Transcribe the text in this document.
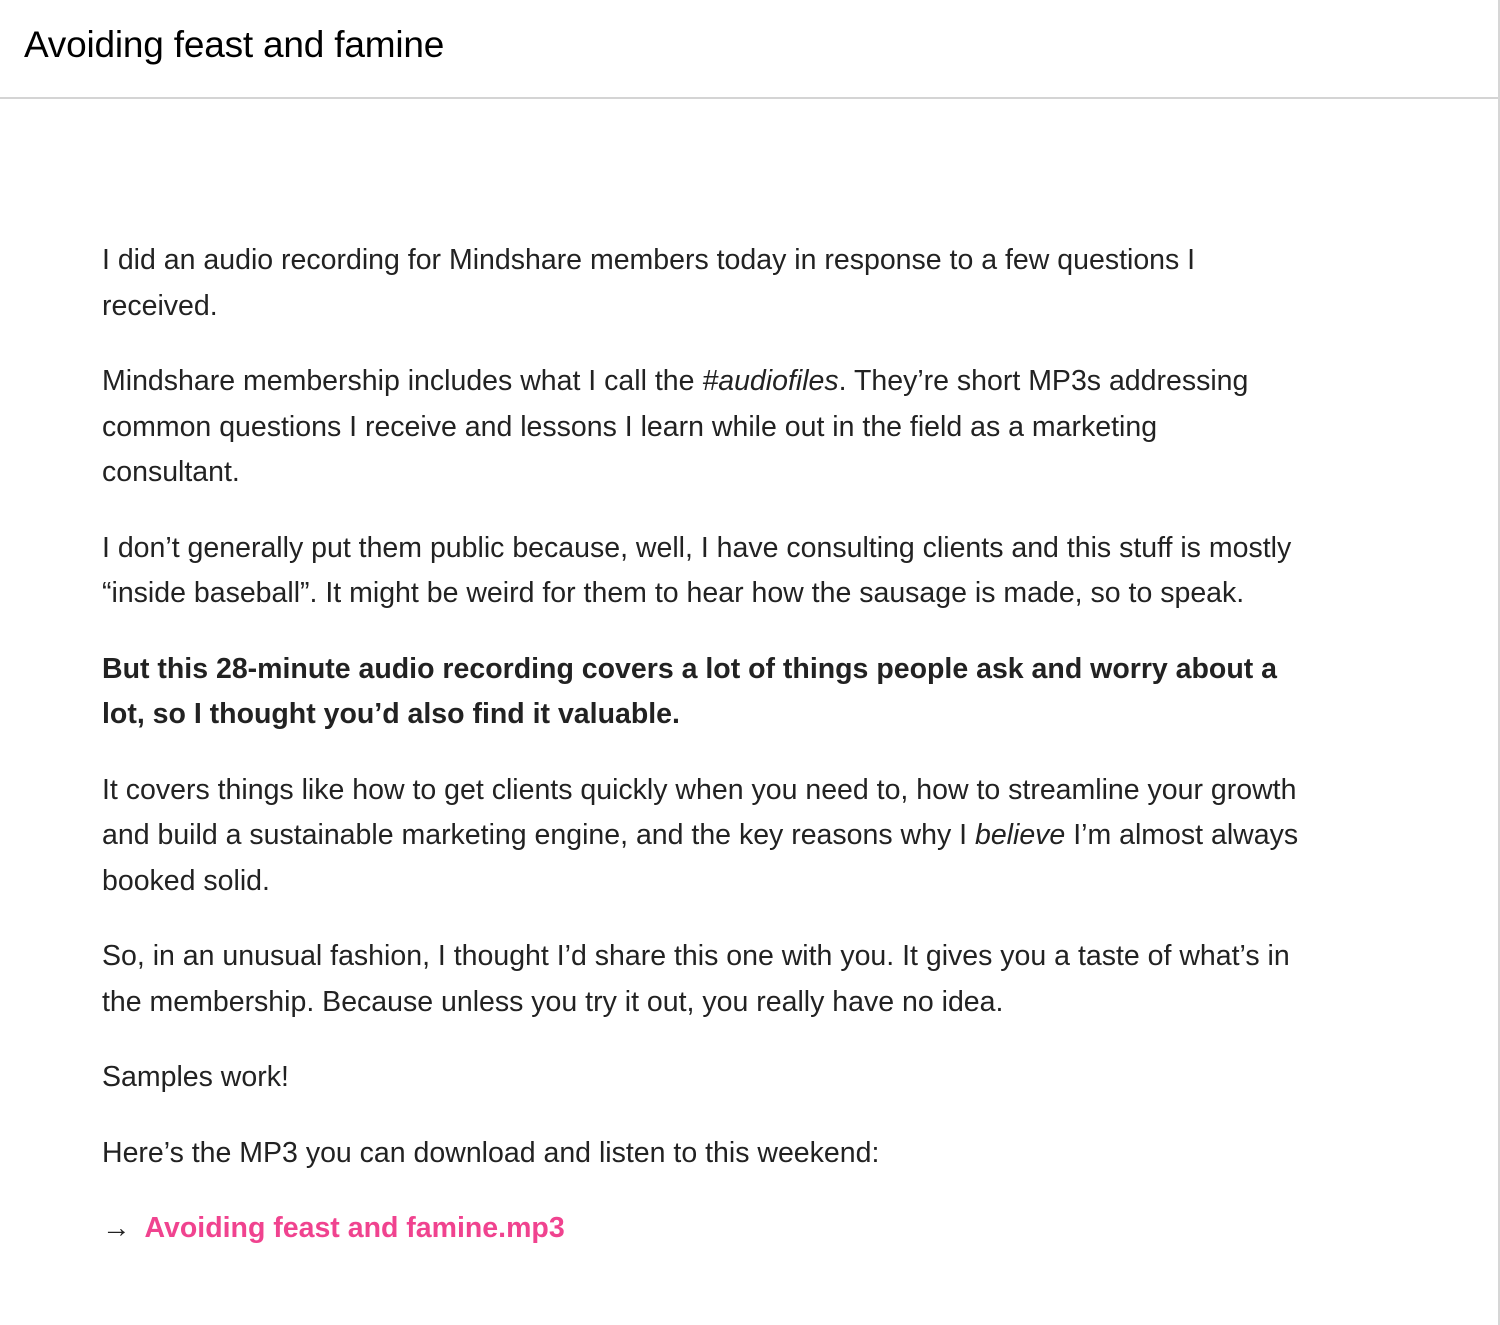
Avoiding feast and famine

I did an audio recording for Mindshare members today in response to a few questions I received.

Mindshare membership includes what I call the #audiofiles. They’re short MP3s addressing common questions I receive and lessons I learn while out in the field as a marketing consultant.

I don’t generally put them public because, well, I have consulting clients and this stuff is mostly “inside baseball”. It might be weird for them to hear how the sausage is made, so to speak.

But this 28-minute audio recording covers a lot of things people ask and worry about a lot, so I thought you’d also find it valuable.

It covers things like how to get clients quickly when you need to, how to streamline your growth and build a sustainable marketing engine, and the key reasons why I believe I’m almost always booked solid.

So, in an unusual fashion, I thought I’d share this one with you. It gives you a taste of what’s in the membership. Because unless you try it out, you really have no idea.

Samples work!

Here’s the MP3 you can download and listen to this weekend:

→ Avoiding feast and famine.mp3
